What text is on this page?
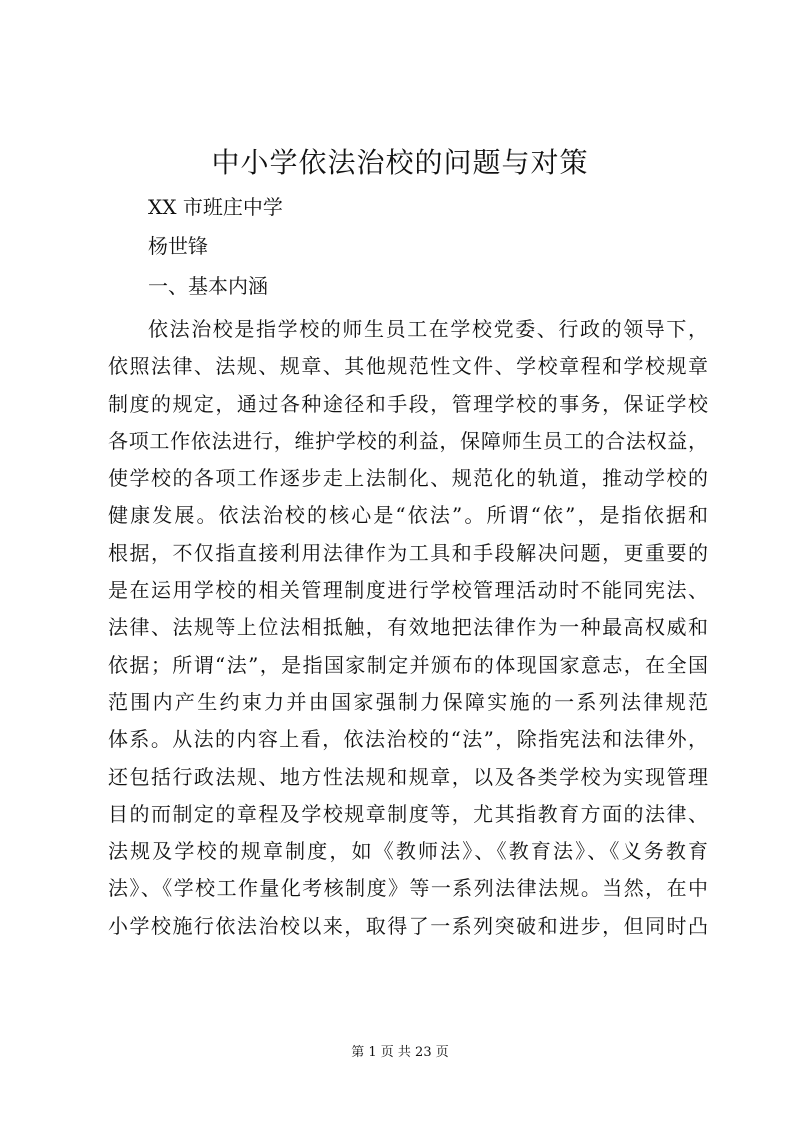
中小学依法治校的问题与对策

XX 市班庄中学

杨世锋

一、基本内涵

依法治校是指学校的师生员工在学校党委、行政的领导下，
依照法律、法规、规章、其他规范性文件、学校章程和学校规章
制度的规定，通过各种途径和手段，管理学校的事务，保证学校
各项工作依法进行，维护学校的利益，保障师生员工的合法权益，
使学校的各项工作逐步走上法制化、规范化的轨道，推动学校的
健康发展。依法治校的核心是“依法”。所谓“依”，是指依据和
根据，不仅指直接利用法律作为工具和手段解决问题，更重要的
是在运用学校的相关管理制度进行学校管理活动时不能同宪法、
法律、法规等上位法相抵触，有效地把法律作为一种最高权威和
依据；所谓“法”，是指国家制定并颁布的体现国家意志，在全国
范围内产生约束力并由国家强制力保障实施的一系列法律规范
体系。从法的内容上看，依法治校的“法”，除指宪法和法律外，
还包括行政法规、地方性法规和规章，以及各类学校为实现管理
目的而制定的章程及学校规章制度等，尤其指教育方面的法律、
法规及学校的规章制度，如《教师法》、《教育法》、《义务教育
法》、《学校工作量化考核制度》等一系列法律法规。当然，在中
小学校施行依法治校以来，取得了一系列突破和进步，但同时凸
第 1 页 共 23 页
